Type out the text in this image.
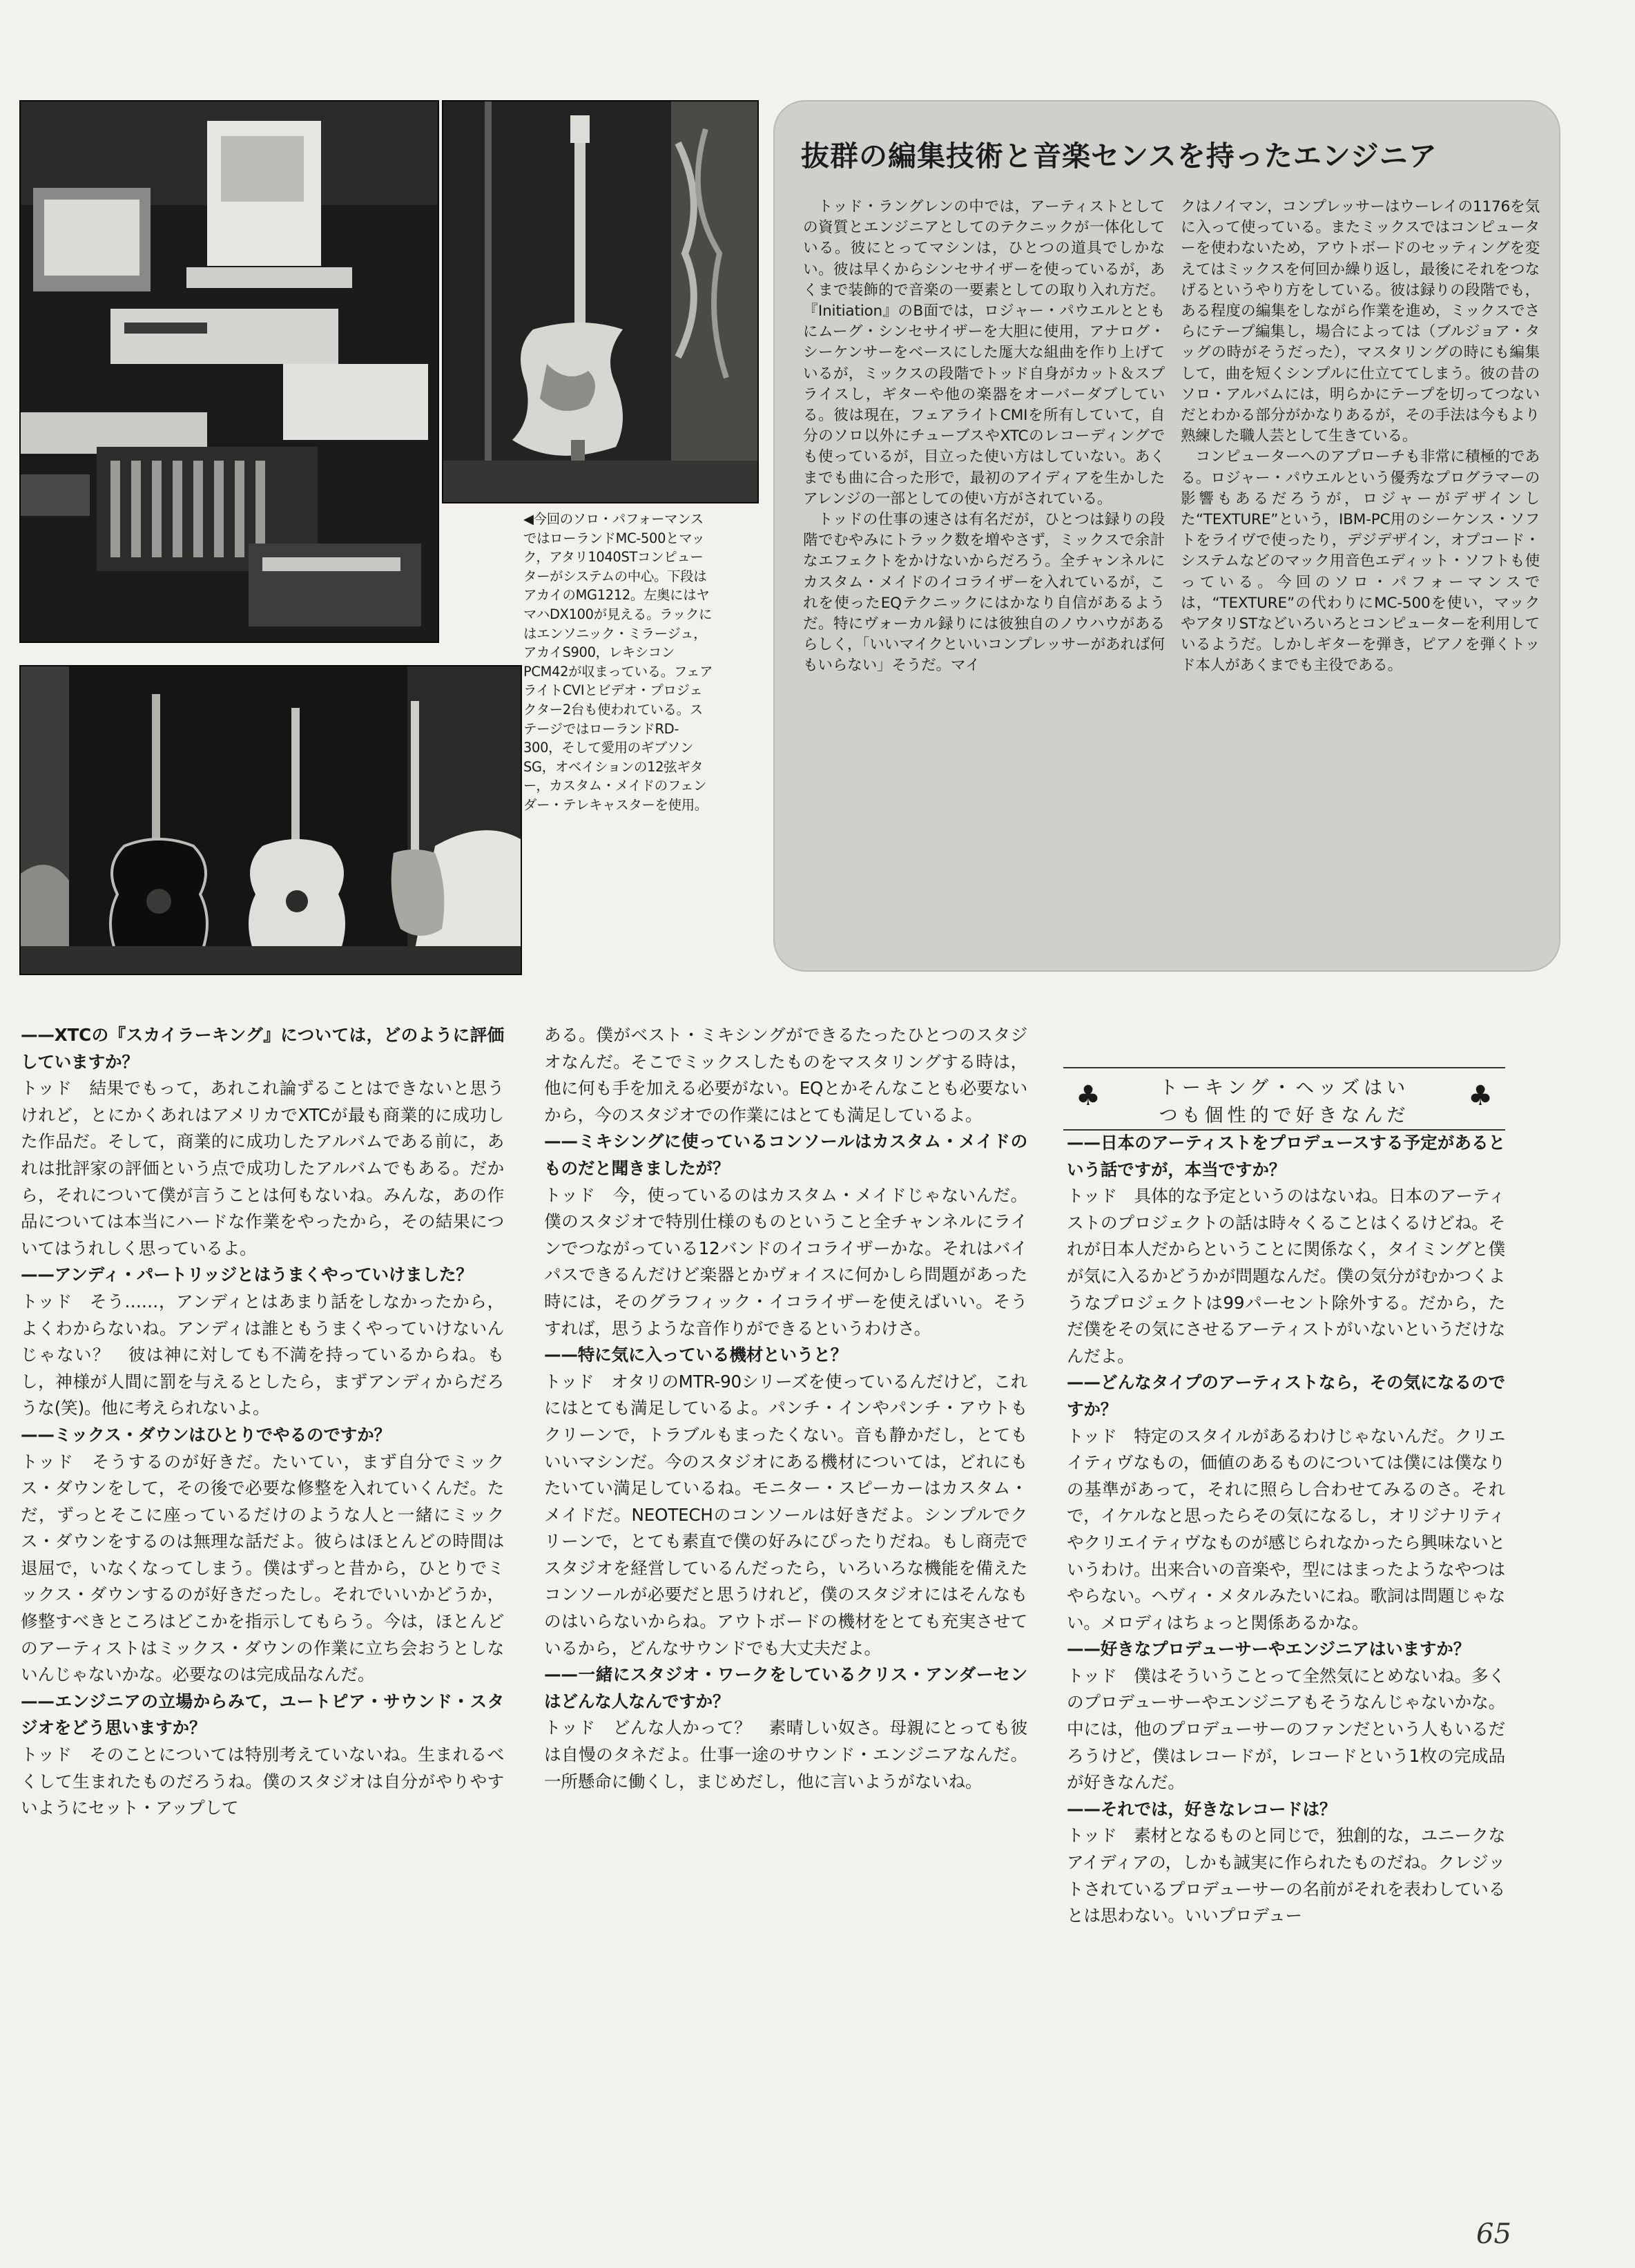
◀今回のソロ・パフォーマンスではローランドMC-500とマック，アタリ1040STコンピューターがシステムの中心。下段はアカイのMG1212。左奥にはヤマハDX100が見える。ラックにはエンソニック・ミラージュ，アカイS900，レキシコンPCM42が収まっている。フェアライトCVIとビデオ・プロジェクター2台も使われている。ステージではローランドRD-300，そして愛用のギブソンSG，オベイションの12弦ギター，カスタム・メイドのフェンダー・テレキャスターを使用。

抜群の編集技術と音楽センスを持ったエンジニア

トッド・ラングレンの中では，アーティストとしての資質とエンジニアとしてのテクニックが一体化している。彼にとってマシンは，ひとつの道具でしかない。彼は早くからシンセサイザーを使っているが，あくまで装飾的で音楽の一要素としての取り入れ方だ。『Initiation』のB面では，ロジャー・パウエルとともにムーグ・シンセサイザーを大胆に使用，アナログ・シーケンサーをベースにした厖大な組曲を作り上げているが，ミックスの段階でトッド自身がカット＆スプライスし，ギターや他の楽器をオーバーダブしている。彼は現在，フェアライトCMIを所有していて，自分のソロ以外にチューブスやXTCのレコーディングでも使っているが，目立った使い方はしていない。あくまでも曲に合った形で，最初のアイディアを生かしたアレンジの一部としての使い方がされている。

トッドの仕事の速さは有名だが，ひとつは録りの段階でむやみにトラック数を増やさず，ミックスで余計なエフェクトをかけないからだろう。全チャンネルにカスタム・メイドのイコライザーを入れているが，これを使ったEQテクニックにはかなり自信があるようだ。特にヴォーカル録りには彼独自のノウハウがあるらしく，「いいマイクといいコンプレッサーがあれば何もいらない」そうだ。マイ

クはノイマン，コンプレッサーはウーレイの1176を気に入って使っている。またミックスではコンピューターを使わないため，アウトボードのセッティングを変えてはミックスを何回か繰り返し，最後にそれをつなげるというやり方をしている。彼は録りの段階でも，ある程度の編集をしながら作業を進め，ミックスでさらにテープ編集し，場合によっては（ブルジョア・タッグの時がそうだった），マスタリングの時にも編集して，曲を短くシンプルに仕立ててしまう。彼の昔のソロ・アルバムには，明らかにテープを切ってつないだとわかる部分がかなりあるが，その手法は今もより熟練した職人芸として生きている。

コンピューターへのアプローチも非常に積極的である。ロジャー・パウエルという優秀なプログラマーの影響もあるだろうが，ロジャーがデザインした“TEXTURE”という，IBM-PC用のシーケンス・ソフトをライヴで使ったり，デジデザイン，オプコード・システムなどのマック用音色エディット・ソフトも使っている。今回のソロ・パフォーマンスでは，“TEXTURE”の代わりにMC-500を使い，マックやアタリSTなどいろいろとコンピューターを利用しているようだ。しかしギターを弾き，ピアノを弾くトッド本人があくまでも主役である。

——XTCの『スカイラーキング』については，どのように評価していますか？

トッド　結果でもって，あれこれ論ずることはできないと思うけれど，とにかくあれはアメリカでXTCが最も商業的に成功した作品だ。そして，商業的に成功したアルバムである前に，あれは批評家の評価という点で成功したアルバムでもある。だから，それについて僕が言うことは何もないね。みんな，あの作品については本当にハードな作業をやったから，その結果についてはうれしく思っているよ。

——アンディ・パートリッジとはうまくやっていけました？

トッド　そう……，アンディとはあまり話をしなかったから，よくわからないね。アンディは誰ともうまくやっていけないんじゃない？　彼は神に対しても不満を持っているからね。もし，神様が人間に罰を与えるとしたら，まずアンディからだろうな(笑)。他に考えられないよ。

——ミックス・ダウンはひとりでやるのですか？

トッド　そうするのが好きだ。たいてい，まず自分でミックス・ダウンをして，その後で必要な修整を入れていくんだ。ただ，ずっとそこに座っているだけのような人と一緒にミックス・ダウンをするのは無理な話だよ。彼らはほとんどの時間は退屈で，いなくなってしまう。僕はずっと昔から，ひとりでミックス・ダウンするのが好きだったし。それでいいかどうか，修整すべきところはどこかを指示してもらう。今は，ほとんどのアーティストはミックス・ダウンの作業に立ち会おうとしないんじゃないかな。必要なのは完成品なんだ。

——エンジニアの立場からみて，ユートピア・サウンド・スタジオをどう思いますか？

トッド　そのことについては特別考えていないね。生まれるべくして生まれたものだろうね。僕のスタジオは自分がやりやすいようにセット・アップして

ある。僕がベスト・ミキシングができるたったひとつのスタジオなんだ。そこでミックスしたものをマスタリングする時は，他に何も手を加える必要がない。EQとかそんなことも必要ないから，今のスタジオでの作業にはとても満足しているよ。

——ミキシングに使っているコンソールはカスタム・メイドのものだと聞きましたが？

トッド　今，使っているのはカスタム・メイドじゃないんだ。僕のスタジオで特別仕様のものということ全チャンネルにラインでつながっている12バンドのイコライザーかな。それはバイパスできるんだけど楽器とかヴォイスに何かしら問題があった時には，そのグラフィック・イコライザーを使えばいい。そうすれば，思うような音作りができるというわけさ。

——特に気に入っている機材というと？

トッド　オタリのMTR-90シリーズを使っているんだけど，これにはとても満足しているよ。パンチ・インやパンチ・アウトもクリーンで，トラブルもまったくない。音も静かだし，とてもいいマシンだ。今のスタジオにある機材については，どれにもたいてい満足しているね。モニター・スピーカーはカスタム・メイドだ。NEOTECHのコンソールは好きだよ。シンプルでクリーンで，とても素直で僕の好みにぴったりだね。もし商売でスタジオを経営しているんだったら，いろいろな機能を備えたコンソールが必要だと思うけれど，僕のスタジオにはそんなものはいらないからね。アウトボードの機材をとても充実させているから，どんなサウンドでも大丈夫だよ。

——一緒にスタジオ・ワークをしているクリス・アンダーセンはどんな人なんですか？

トッド　どんな人かって？　素晴しい奴さ。母親にとっても彼は自慢のタネだよ。仕事一途のサウンド・エンジニアなんだ。一所懸命に働くし，まじめだし，他に言いようがないね。

♣	トーキング・ヘッズはい
つも個性的で好きなんだ
♣

——日本のアーティストをプロデュースする予定があるという話ですが，本当ですか？

トッド　具体的な予定というのはないね。日本のアーティストのプロジェクトの話は時々くることはくるけどね。それが日本人だからということに関係なく，タイミングと僕が気に入るかどうかが問題なんだ。僕の気分がむかつくようなプロジェクトは99パーセント除外する。だから，ただ僕をその気にさせるアーティストがいないというだけなんだよ。

——どんなタイプのアーティストなら，その気になるのですか？

トッド　特定のスタイルがあるわけじゃないんだ。クリエイティヴなもの，価値のあるものについては僕には僕なりの基準があって，それに照らし合わせてみるのさ。それで，イケルなと思ったらその気になるし，オリジナリティやクリエイティヴなものが感じられなかったら興味ないというわけ。出来合いの音楽や，型にはまったようなやつはやらない。ヘヴィ・メタルみたいにね。歌詞は問題じゃない。メロディはちょっと関係あるかな。

——好きなプロデューサーやエンジニアはいますか？

トッド　僕はそういうことって全然気にとめないね。多くのプロデューサーやエンジニアもそうなんじゃないかな。中には，他のプロデューサーのファンだという人もいるだろうけど，僕はレコードが，レコードという1枚の完成品が好きなんだ。

——それでは，好きなレコードは？

トッド　素材となるものと同じで，独創的な，ユニークなアイディアの，しかも誠実に作られたものだね。クレジットされているプロデューサーの名前がそれを表わしているとは思わない。いいプロデュー

65
